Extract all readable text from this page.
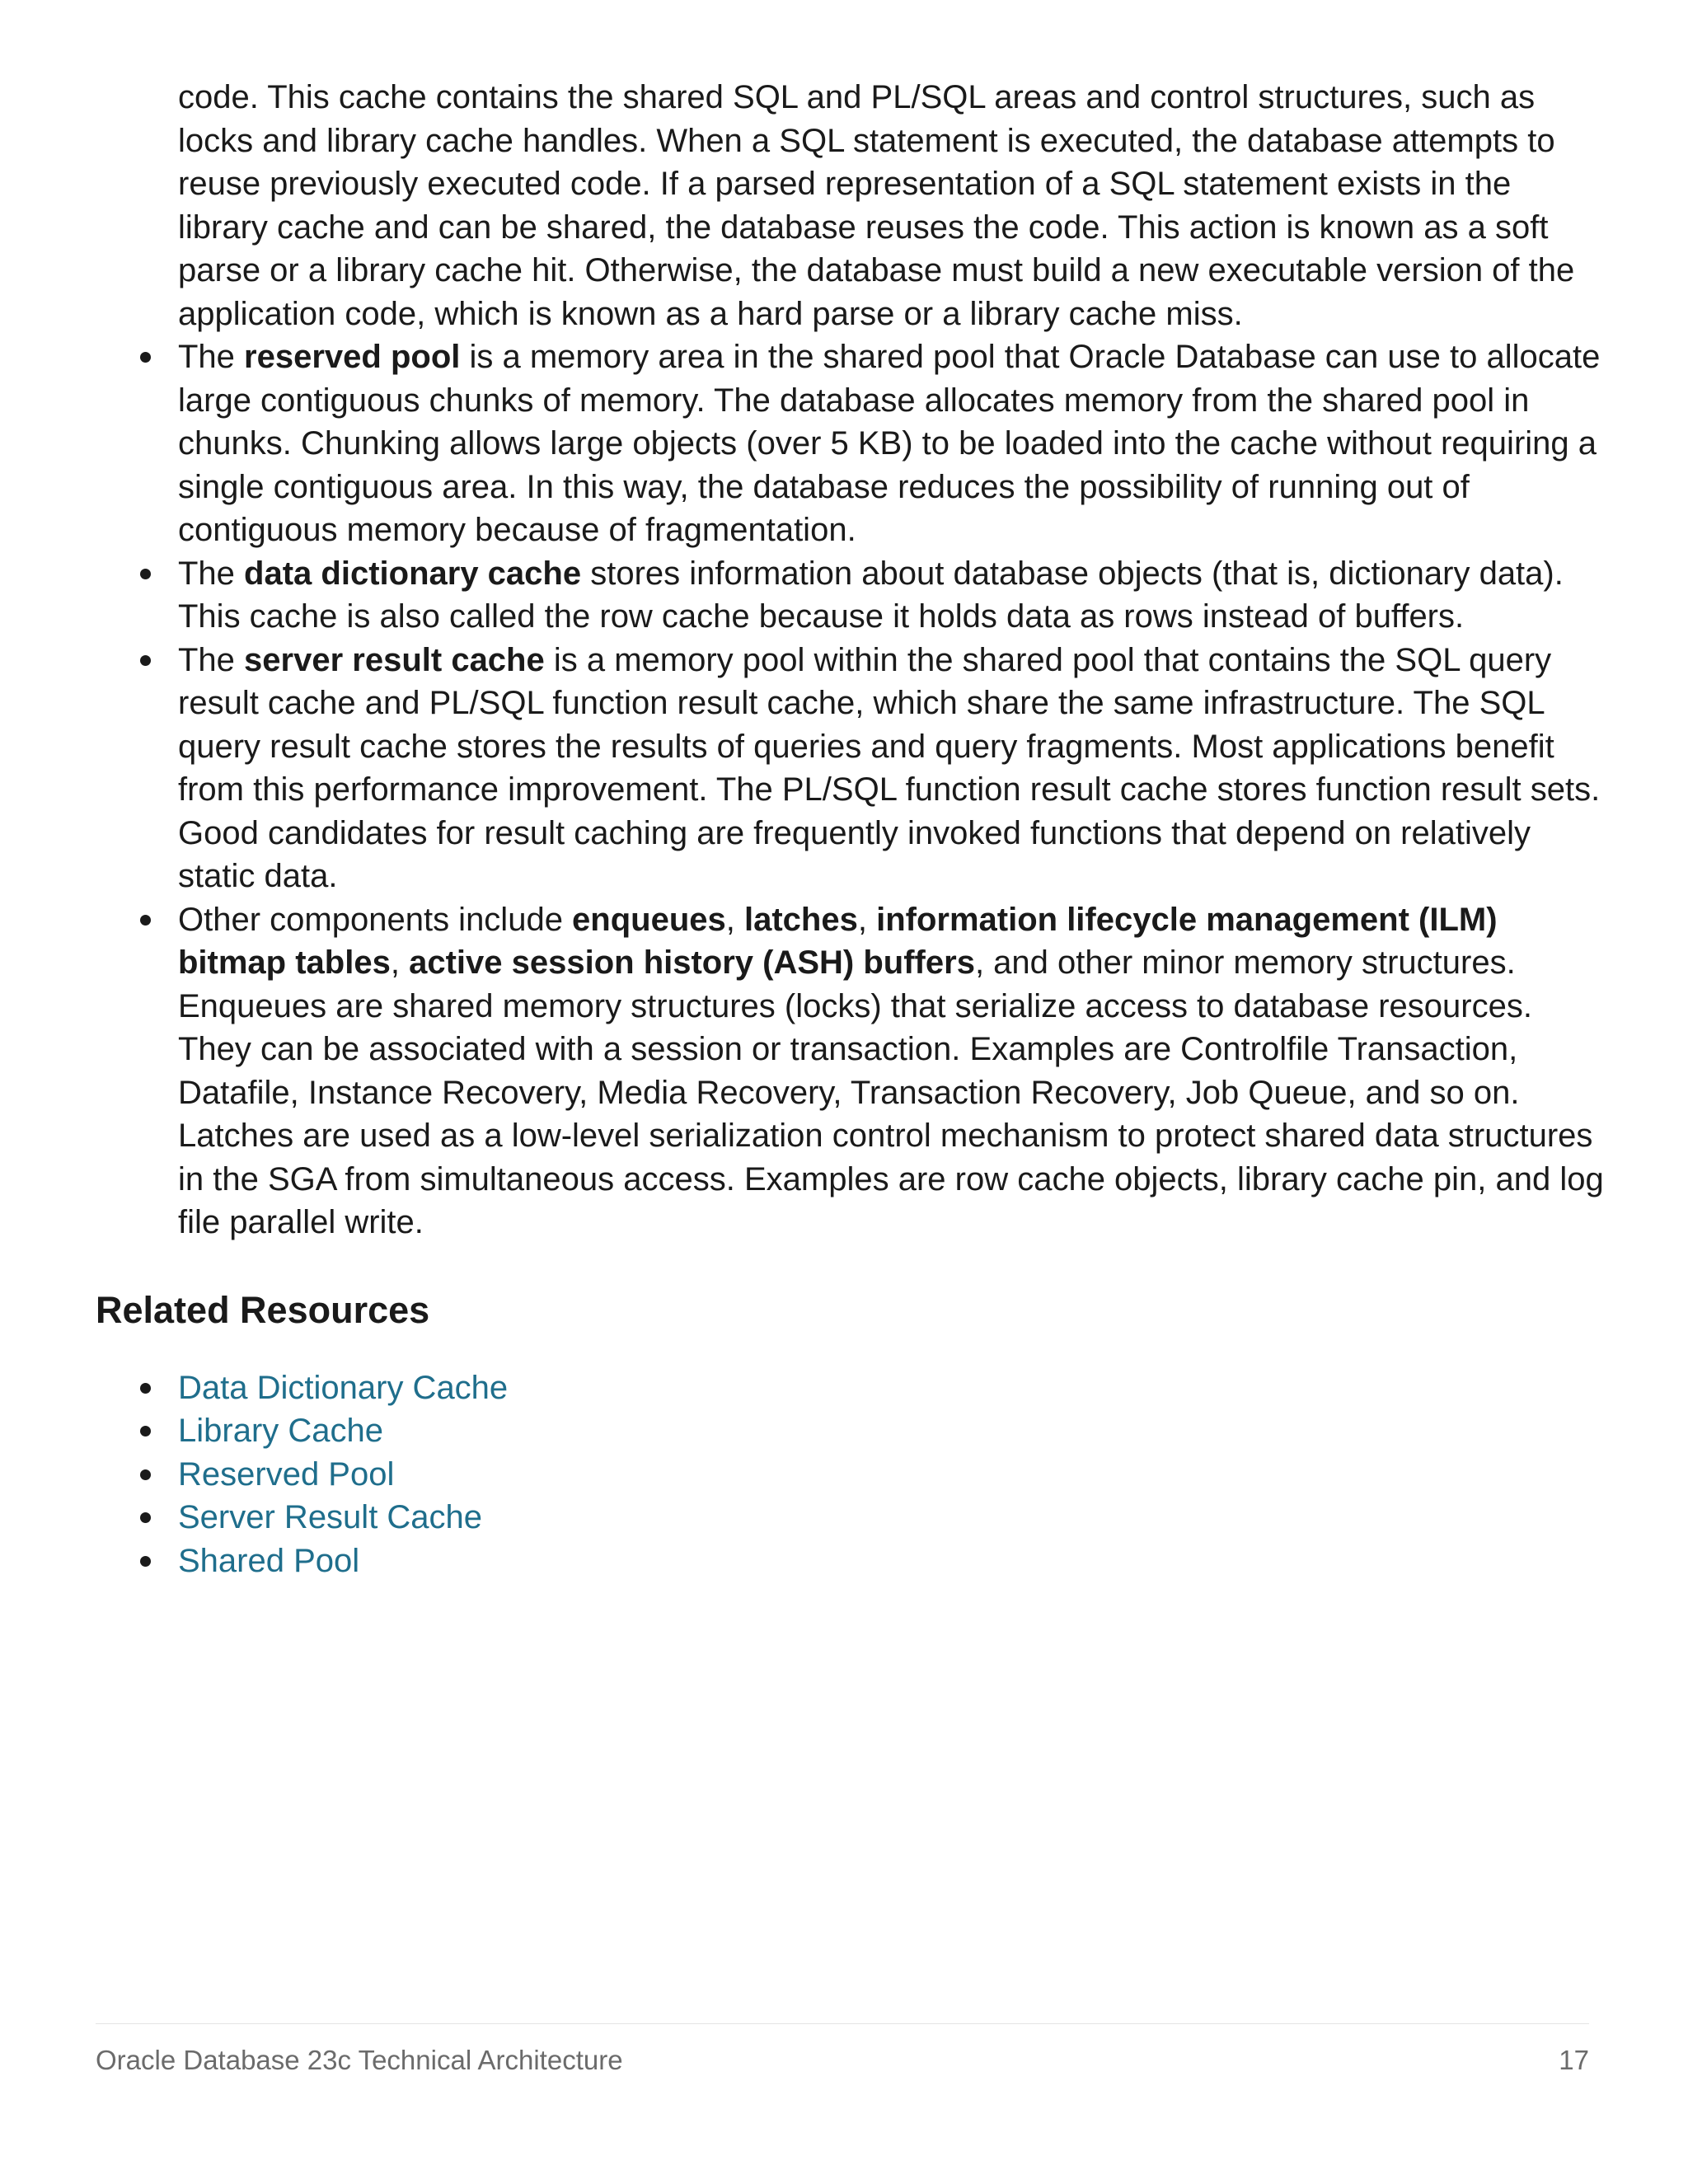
code. This cache contains the shared SQL and PL/SQL areas and control structures, such as locks and library cache handles. When a SQL statement is executed, the database attempts to reuse previously executed code. If a parsed representation of a SQL statement exists in the library cache and can be shared, the database reuses the code. This action is known as a soft parse or a library cache hit. Otherwise, the database must build a new executable version of the application code, which is known as a hard parse or a library cache miss.

The reserved pool is a memory area in the shared pool that Oracle Database can use to allocate large contiguous chunks of memory. The database allocates memory from the shared pool in chunks. Chunking allows large objects (over 5 KB) to be loaded into the cache without requiring a single contiguous area. In this way, the database reduces the possibility of running out of contiguous memory because of fragmentation.
The data dictionary cache stores information about database objects (that is, dictionary data). This cache is also called the row cache because it holds data as rows instead of buffers.
The server result cache is a memory pool within the shared pool that contains the SQL query result cache and PL/SQL function result cache, which share the same infrastructure. The SQL query result cache stores the results of queries and query fragments. Most applications benefit from this performance improvement. The PL/SQL function result cache stores function result sets. Good candidates for result caching are frequently invoked functions that depend on relatively static data.
Other components include enqueues, latches, information lifecycle management (ILM) bitmap tables, active session history (ASH) buffers, and other minor memory structures. Enqueues are shared memory structures (locks) that serialize access to database resources. They can be associated with a session or transaction. Examples are Controlfile Transaction, Datafile, Instance Recovery, Media Recovery, Transaction Recovery, Job Queue, and so on. Latches are used as a low-level serialization control mechanism to protect shared data structures in the SGA from simultaneous access. Examples are row cache objects, library cache pin, and log file parallel write.
Related Resources
Data Dictionary Cache
Library Cache
Reserved Pool
Server Result Cache
Shared Pool
Oracle Database 23c Technical Architecture	17
